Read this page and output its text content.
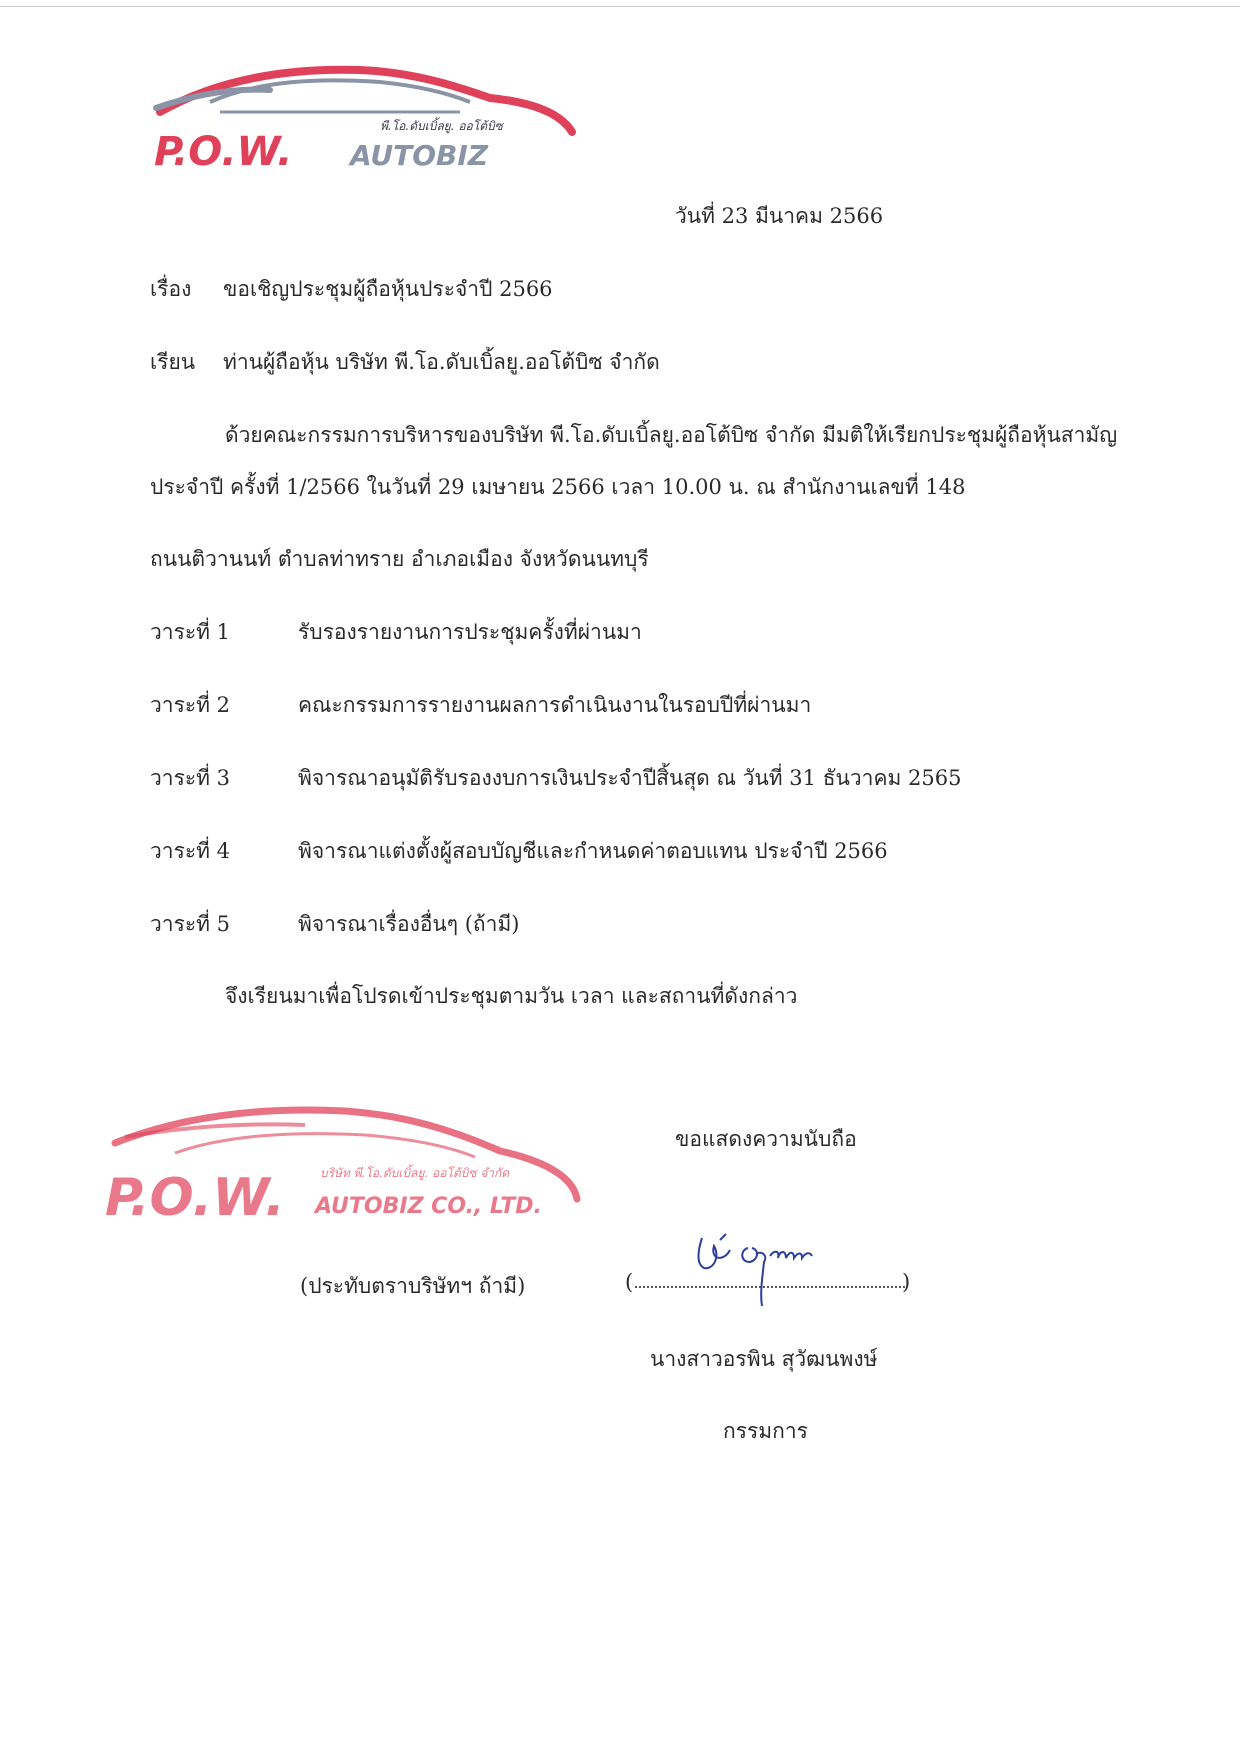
P.O.W. AUTOBIZ
พี.โอ.ดับเบิ้ลยู. ออโต้บิซ
วันที่ 23 มีนาคม 2566
เรื่อง ขอเชิญประชุมผู้ถือหุ้นประจำปี 2566
เรียน ท่านผู้ถือหุ้น บริษัท พี.โอ.ดับเบิ้ลยู.ออโต้บิซ จำกัด
ด้วยคณะกรรมการบริหารของบริษัท พี.โอ.ดับเบิ้ลยู.ออโต้บิซ จำกัด มีมติให้เรียกประชุมผู้ถือหุ้นสามัญ
ประจำปี ครั้งที่ 1/2566 ในวันที่ 29 เมษายน 2566 เวลา 10.00 น. ณ สำนักงานเลขที่ 148
ถนนติวานนท์ ตำบลท่าทราย อำเภอเมือง จังหวัดนนทบุรี
วาระที่ 1	รับรองรายงานการประชุมครั้งที่ผ่านมา
วาระที่ 2	คณะกรรมการรายงานผลการดำเนินงานในรอบปีที่ผ่านมา
วาระที่ 3	พิจารณาอนุมัติรับรองงบการเงินประจำปีสิ้นสุด ณ วันที่ 31 ธันวาคม 2565
วาระที่ 4	พิจารณาแต่งตั้งผู้สอบบัญชีและกำหนดค่าตอบแทน ประจำปี 2566
วาระที่ 5	พิจารณาเรื่องอื่นๆ (ถ้ามี)
จึงเรียนมาเพื่อโปรดเข้าประชุมตามวัน เวลา และสถานที่ดังกล่าว
P.O.W. AUTOBIZ CO., LTD.
บริษัท พี.โอ.ดับเบิ้ลยู. ออโต้บิซ จำกัด
ขอแสดงความนับถือ
(ประทับตราบริษัทฯ ถ้ามี)	(	)
นางสาวอรพิน สุวัฒนพงษ์
กรรมการ
